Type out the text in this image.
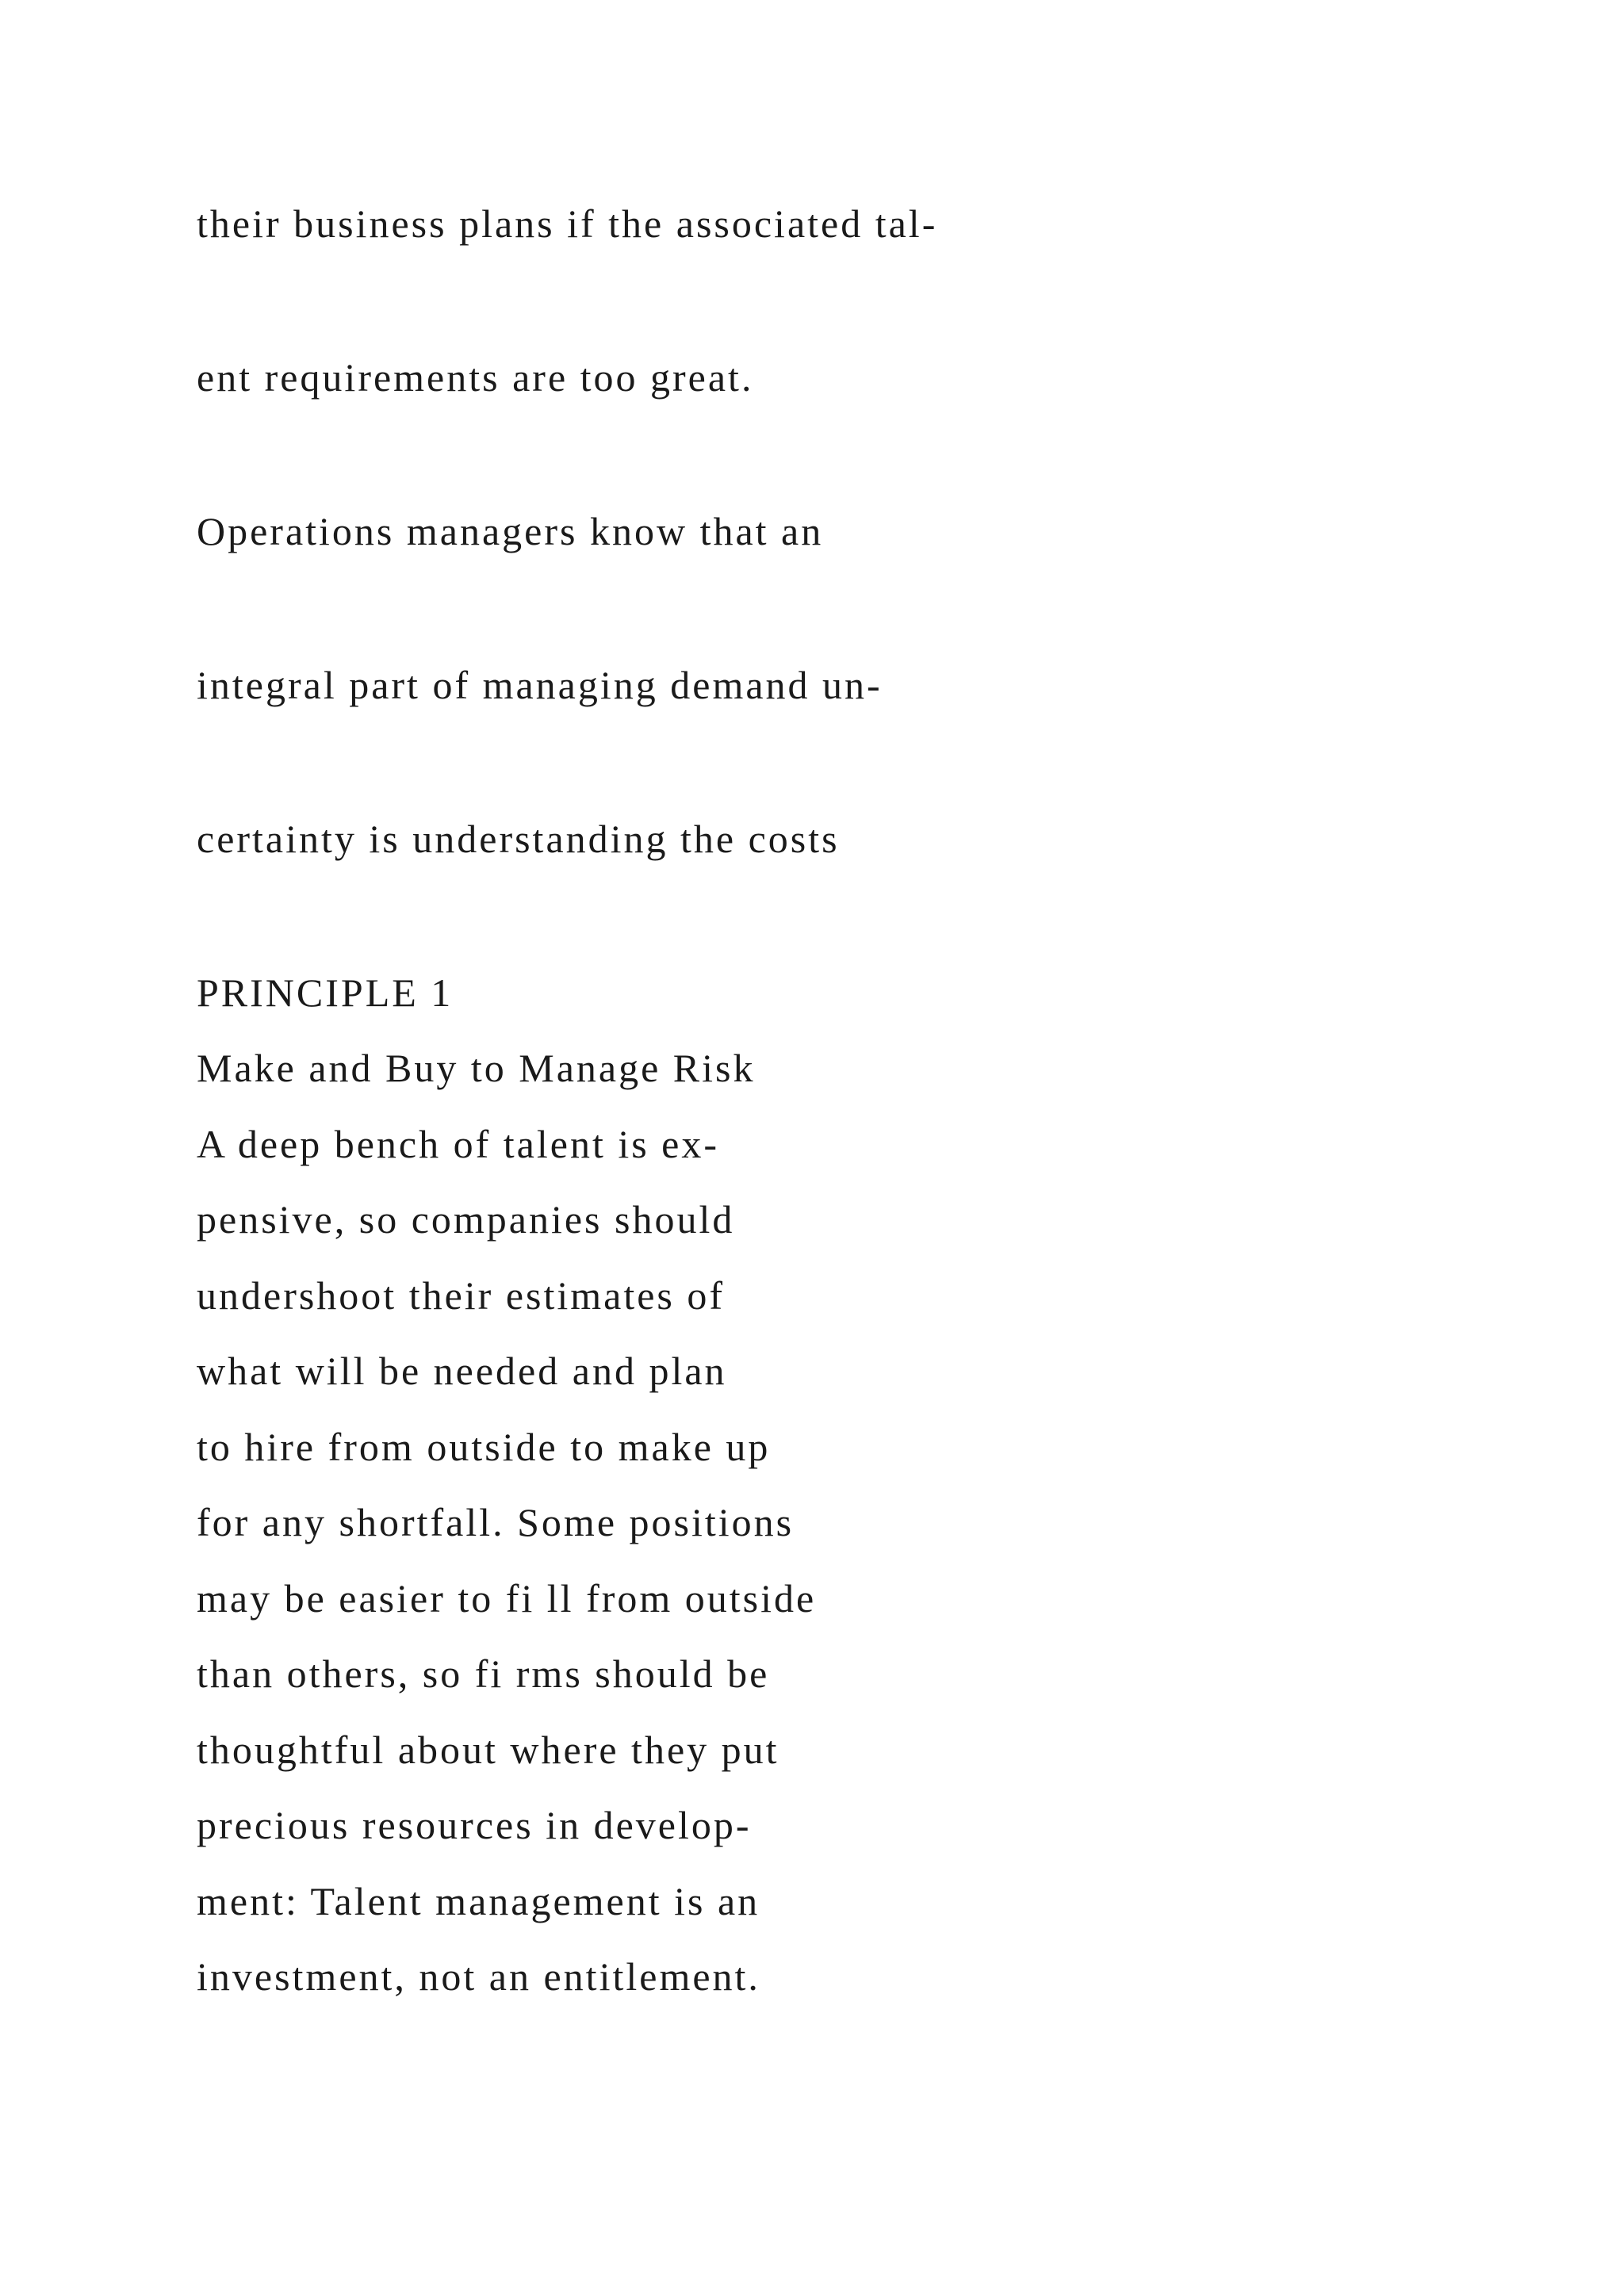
their business plans if the associated tal-

ent requirements are too great.

Operations managers know that an

integral part of managing demand un-

certainty is understanding the costs

PRINCIPLE 1

Make and Buy to Manage Risk

A deep bench of talent is ex-

pensive, so companies should

undershoot their estimates of

what will be needed and plan

to hire from outside to make up

for any shortfall. Some positions

may be easier to fi ll from outside

than others, so fi rms should be

thoughtful about where they put

precious resources in develop-

ment: Talent management is an

investment, not an entitlement.
